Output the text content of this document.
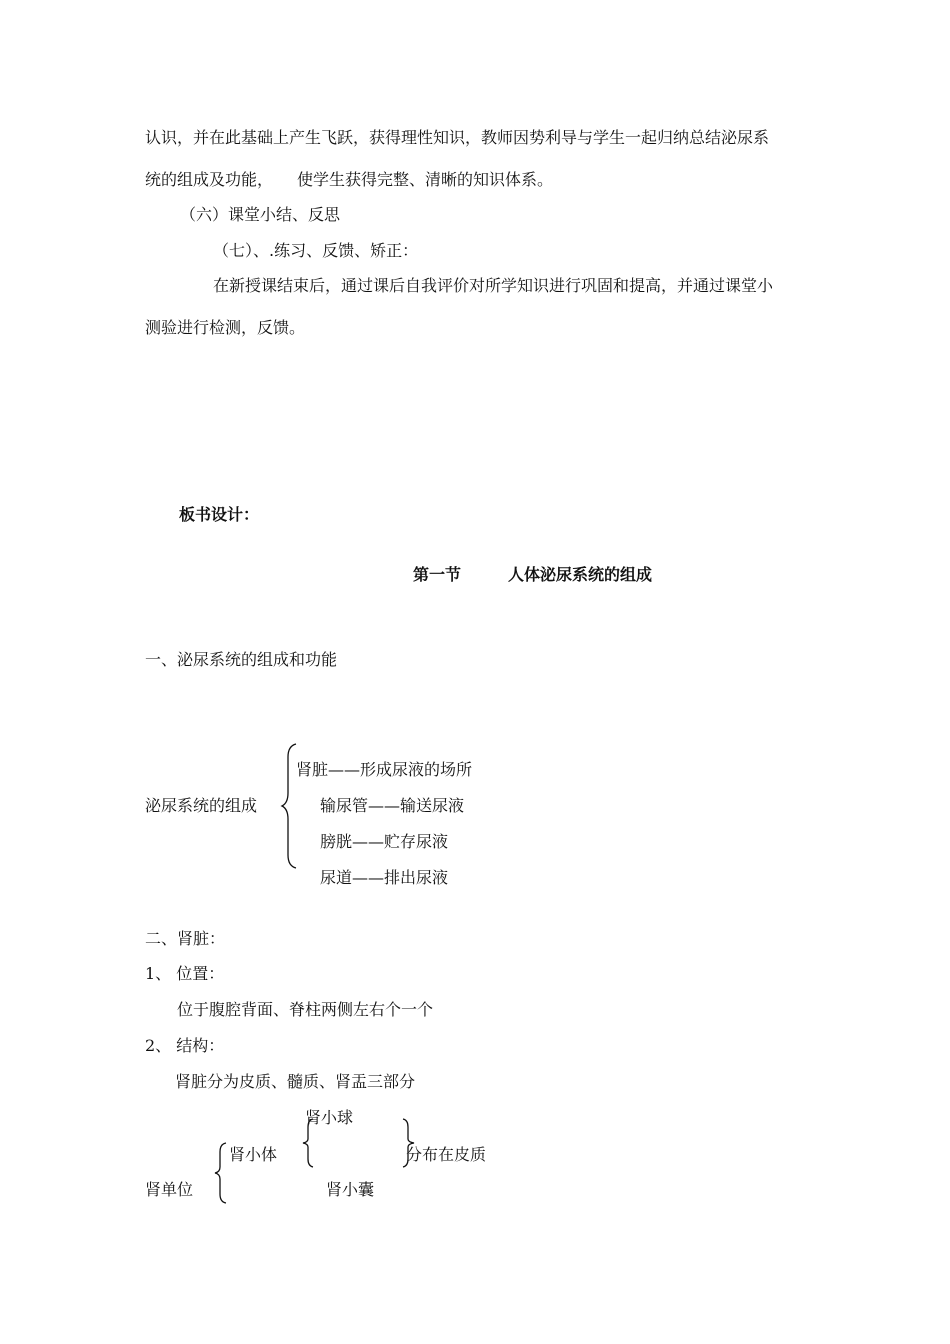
认识，并在此基础上产生飞跃，获得理性知识，教师因势利导与学生一起归纳总结泌尿系
统的组成及功能，　　使学生获得完整、清晰的知识体系。
（六）课堂小结、反思
（七）、.练习、反馈、矫正：
在新授课结束后，通过课后自我评价对所学知识进行巩固和提高，并通过课堂小
测验进行检测，反馈。
板书设计：
第一节	人体泌尿系统的组成
一、泌尿系统的组成和功能
泌尿系统的组成
肾脏——形成尿液的场所
输尿管——输送尿液
膀胱——贮存尿液
尿道——排出尿液
二、肾脏：
1、 位置：
位于腹腔背面、脊柱两侧左右个一个
2、 结构：
肾脏分为皮质、髓质、肾盂三部分
肾单位
肾小体
肾小球
分布在皮质
肾小囊
